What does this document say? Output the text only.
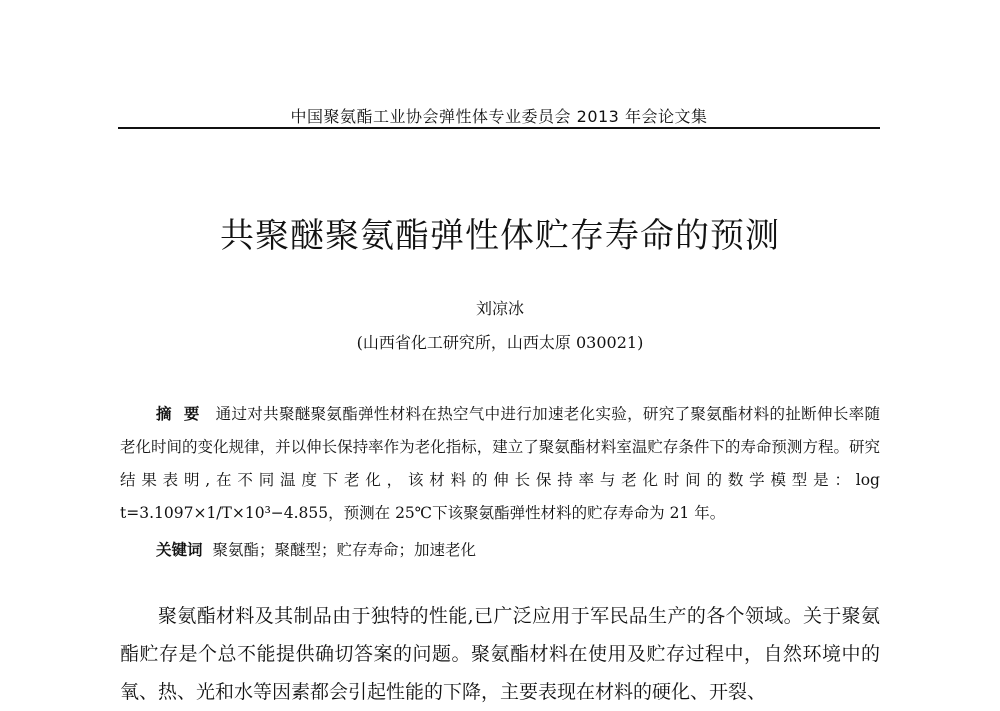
中国聚氨酯工业协会弹性体专业委员会 2013 年会论文集
共聚醚聚氨酯弹性体贮存寿命的预测
刘凉冰
(山西省化工研究所，山西太原 030021)
摘要 通过对共聚醚聚氨酯弹性材料在热空气中进行加速老化实验，研究了聚氨酯材料的扯断伸长率随老化时间的变化规律，并以伸长保持率作为老化指标，建立了聚氨酯材料室温贮存条件下的寿命预测方程。研究结果表明,在不同温度下老化，该材料的伸长保持率与老化时间的数学模型是：log t=3.1097×1/T×10³−4.855，预测在 25℃下该聚氨酯弹性材料的贮存寿命为 21 年。
关键词 聚氨酯；聚醚型；贮存寿命；加速老化
聚氨酯材料及其制品由于独特的性能,已广泛应用于军民品生产的各个领域。关于聚氨酯贮存是个总不能提供确切答案的问题。聚氨酯材料在使用及贮存过程中，自然环境中的氧、热、光和水等因素都会引起性能的下降，主要表现在材料的硬化、开裂、
